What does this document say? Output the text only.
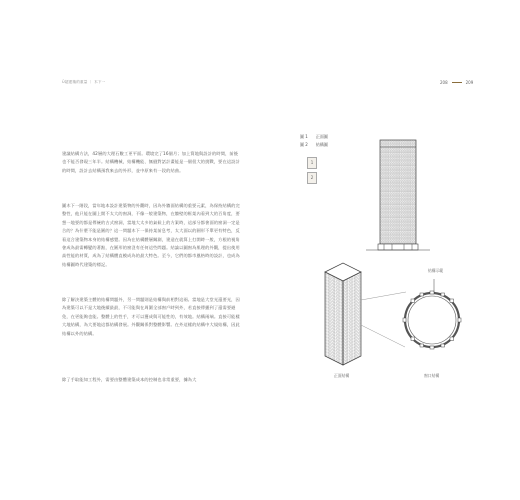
Ū超建築的重量 ｜ 木下一	208	209

建議結構方法，42層的大理石數工更平面。環境完了16個月；加上質地與設計的時間，前後也不能否發現三年半。結構機械，結構機能、無縫對話計畫能是一個很大的挑戰，要在這設計的時間，設計去結構預我來去的外形，並中原來有一段的結曲。

圖木下一階段，當年地本設計建築物的外觀時，因為外牆面結構的重要元素，為保持結構的完整性，他只能在圖上開不太大的窗洞，不像一般建築物，在牆壁的框架內看到大的百角度，要想一地要的都是傳統的古式窗洞，當地大太多的氣候上的方案時，這部分都會面的窗洞一定是合的？為什麼不能是圓的？這一問題木下一保持某前息考，太大面以的圓形不單更有特色，反看這合建築物本身的結構感覺。因為在結構體層關測，建造在就算上打開時一般，方根的視角會成為最需轉變的著點，在圓形的窗沒有任何這些問題。結論以圖窗為肌理的外觀，提出使用高性能的材質，成為了結構體直模成為的最大特色。至今，它們的都市風格時的設計，也成為結構圖時代建築的標記。

除了解決建築主體的結構問題外，另一問題則是結構與前相對這兩。當地是大堂光還要光，因為建築可以不是大地後續最最，不可能與在周圍全部窗戶時到外，若直接傳播到了還需要避免，在更能夠也能。整體上的性手，才可以獲成與可能性的，有效地。結構兩端。直接可能樣大地結構，為大要地這都結構發展。外觀關係對整體影響。在外這樣的結構中大規結構，因此結構以外的結構。

除了手取能知工程外，需要由整體建築成本的控制也非常重要，據為大

圖 1 正面圖
圖 2 結構圖
1
2
結構示範
正面結構	窗口結構
